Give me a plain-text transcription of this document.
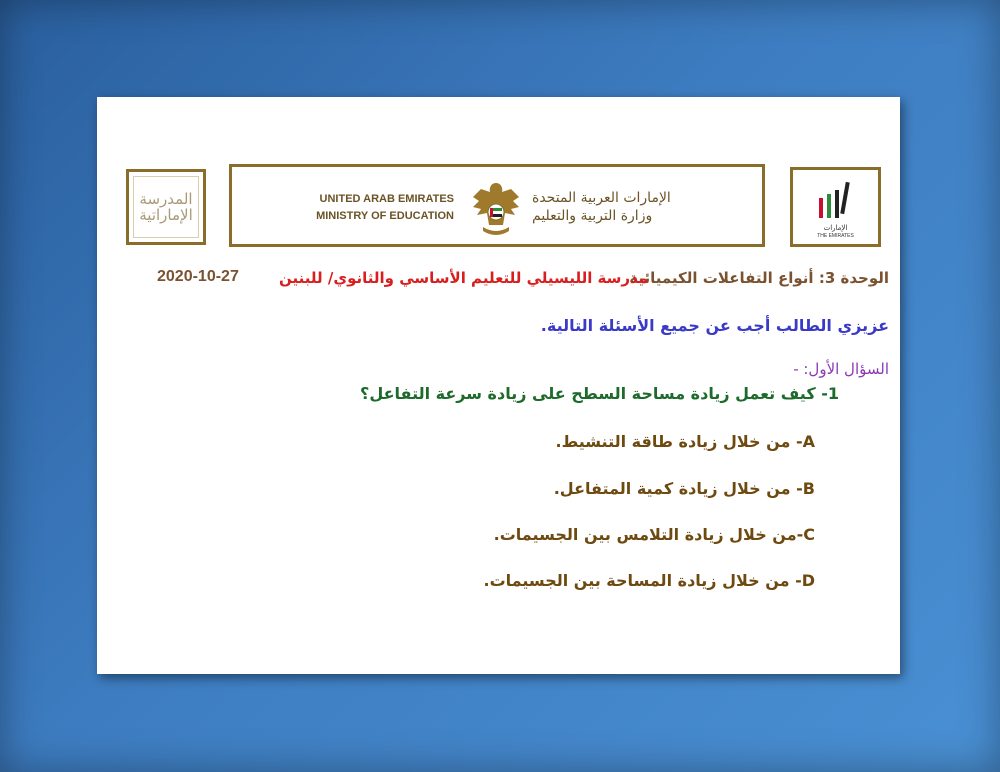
المدرسة
الإماراتية
UNITED ARAB EMIRATES
MINISTRY OF EDUCATION
الإمارات العربية المتحدة
وزارة التربية والتعليم
الإمارات
THE EMIRATES
الوحدة 3: أنواع التفاعلات الكيميائية
مدرسة الليسيلي للتعليم الأساسي والثانوي/ للبنين
2020-10-27
عزيزي الطالب أجب عن جميع الأسئلة التالية.
السؤال الأول: -
1- كيف تعمل زيادة مساحة السطح على زيادة سرعة التفاعل؟
A- من خلال زيادة طاقة التنشيط.
B- من خلال زيادة كمية المتفاعل.
C-من خلال زيادة التلامس بين الجسيمات.
D- من خلال زيادة المساحة بين الجسيمات.
